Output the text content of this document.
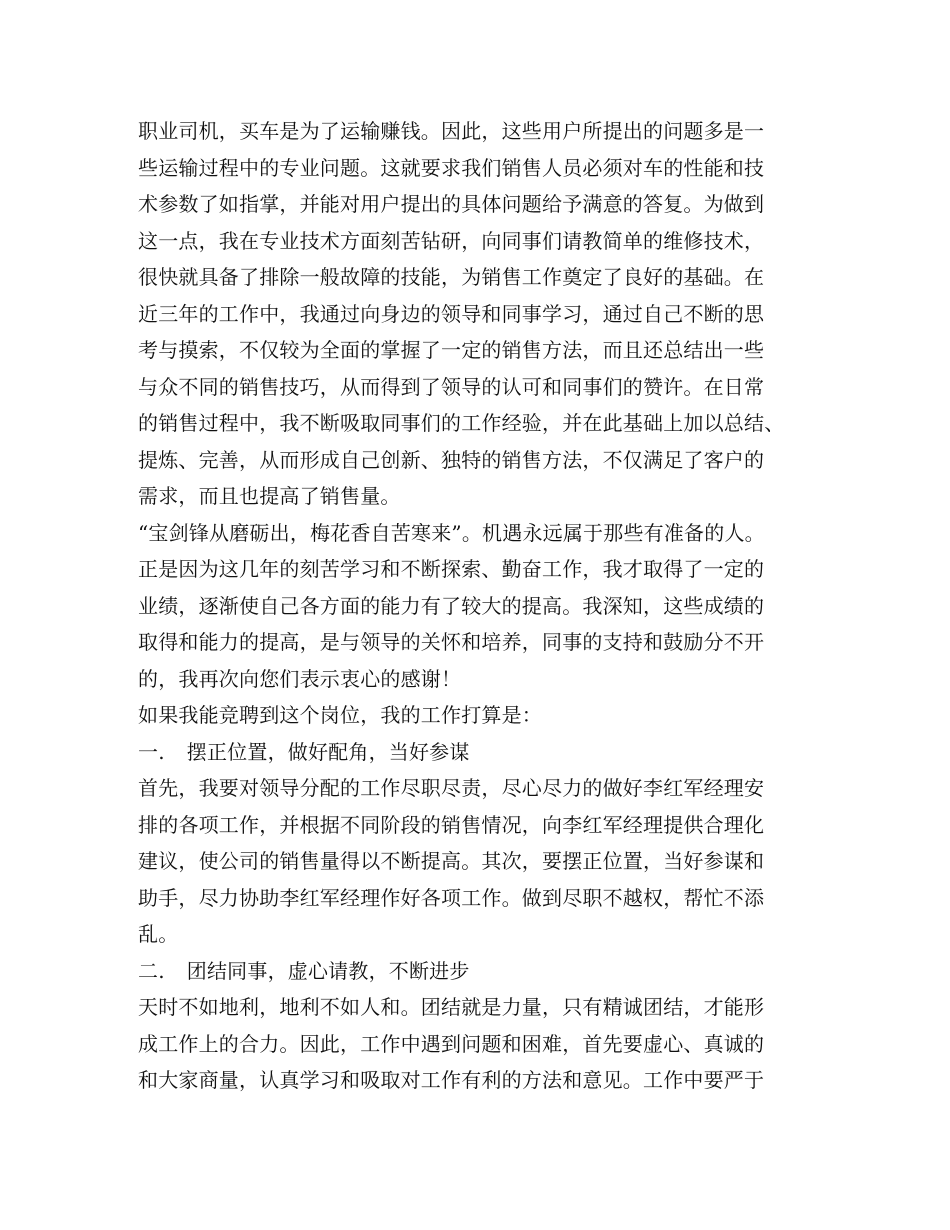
职业司机，买车是为了运输赚钱。因此，这些用户所提出的问题多是一
些运输过程中的专业问题。这就要求我们销售人员必须对车的性能和技
术参数了如指掌，并能对用户提出的具体问题给予满意的答复。为做到
这一点，我在专业技术方面刻苦钻研，向同事们请教简单的维修技术，
很快就具备了排除一般故障的技能，为销售工作奠定了良好的基础。在
近三年的工作中，我通过向身边的领导和同事学习，通过自己不断的思
考与摸索，不仅较为全面的掌握了一定的销售方法，而且还总结出一些
与众不同的销售技巧，从而得到了领导的认可和同事们的赞许。在日常
的销售过程中，我不断吸取同事们的工作经验，并在此基础上加以总结、
提炼、完善，从而形成自己创新、独特的销售方法，不仅满足了客户的
需求，而且也提高了销售量。
“宝剑锋从磨砺出，梅花香自苦寒来”。机遇永远属于那些有准备的人。
正是因为这几年的刻苦学习和不断探索、勤奋工作，我才取得了一定的
业绩，逐渐使自己各方面的能力有了较大的提高。我深知，这些成绩的
取得和能力的提高，是与领导的关怀和培养，同事的支持和鼓励分不开
的，我再次向您们表示衷心的感谢！
如果我能竞聘到这个岗位，我的工作打算是：
一. 摆正位置，做好配角，当好参谋
首先，我要对领导分配的工作尽职尽责，尽心尽力的做好李红军经理安
排的各项工作，并根据不同阶段的销售情况，向李红军经理提供合理化
建议，使公司的销售量得以不断提高。其次，要摆正位置，当好参谋和
助手，尽力协助李红军经理作好各项工作。做到尽职不越权，帮忙不添
乱。
二. 团结同事，虚心请教，不断进步
天时不如地利，地利不如人和。团结就是力量，只有精诚团结，才能形
成工作上的合力。因此，工作中遇到问题和困难，首先要虚心、真诚的
和大家商量，认真学习和吸取对工作有利的方法和意见。工作中要严于
